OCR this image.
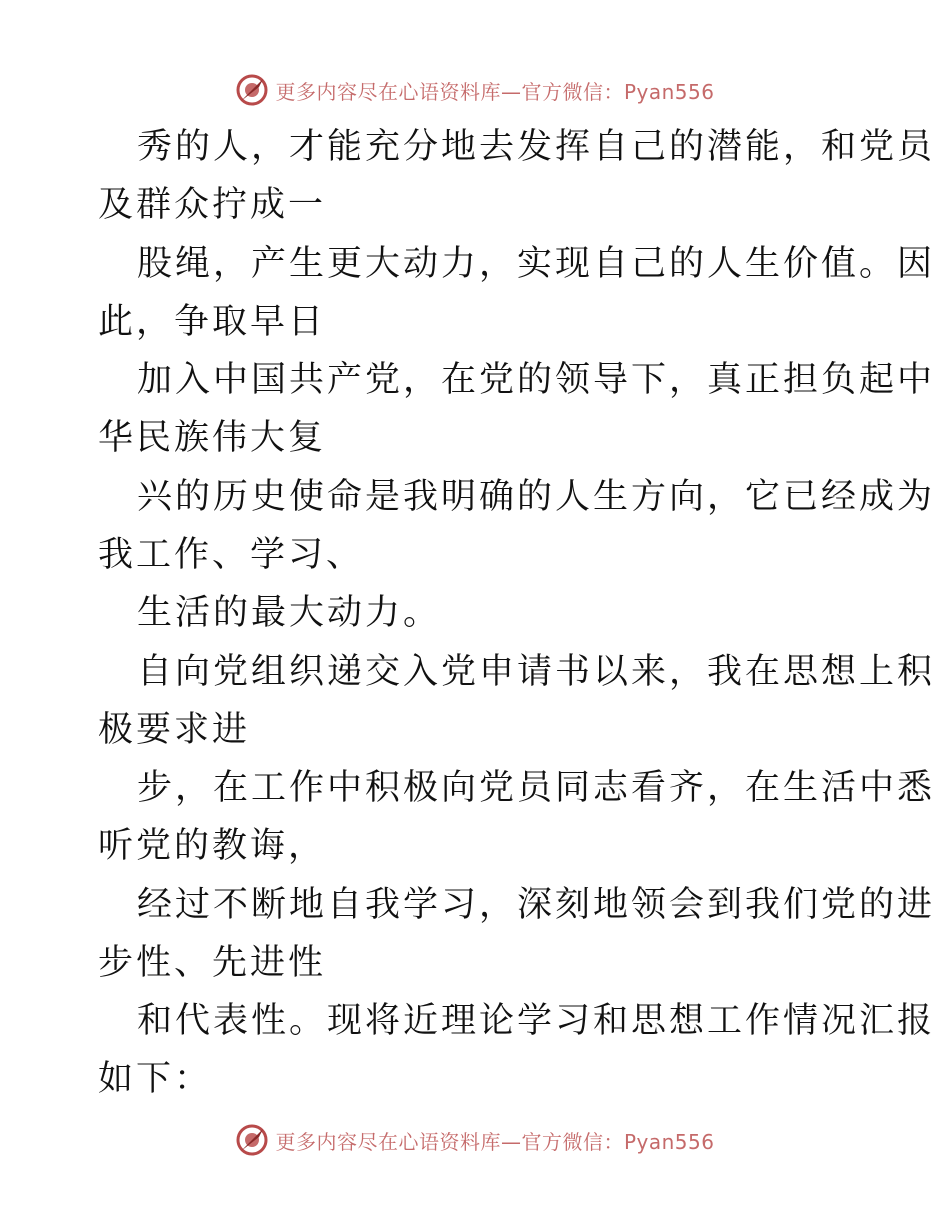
更多内容尽在心语资料库—官方微信：Pyan556
秀的人，才能充分地去发挥自己的潜能，和党员
及群众拧成一
股绳，产生更大动力，实现自己的人生价值。因
此，争取早日
加入中国共产党，在党的领导下，真正担负起中
华民族伟大复
兴的历史使命是我明确的人生方向，它已经成为
我工作、学习、
生活的最大动力。
自向党组织递交入党申请书以来，我在思想上积
极要求进
步，在工作中积极向党员同志看齐，在生活中悉
听党的教诲，
经过不断地自我学习，深刻地领会到我们党的进
步性、先进性
和代表性。现将近理论学习和思想工作情况汇报
如下：
更多内容尽在心语资料库—官方微信：Pyan556
